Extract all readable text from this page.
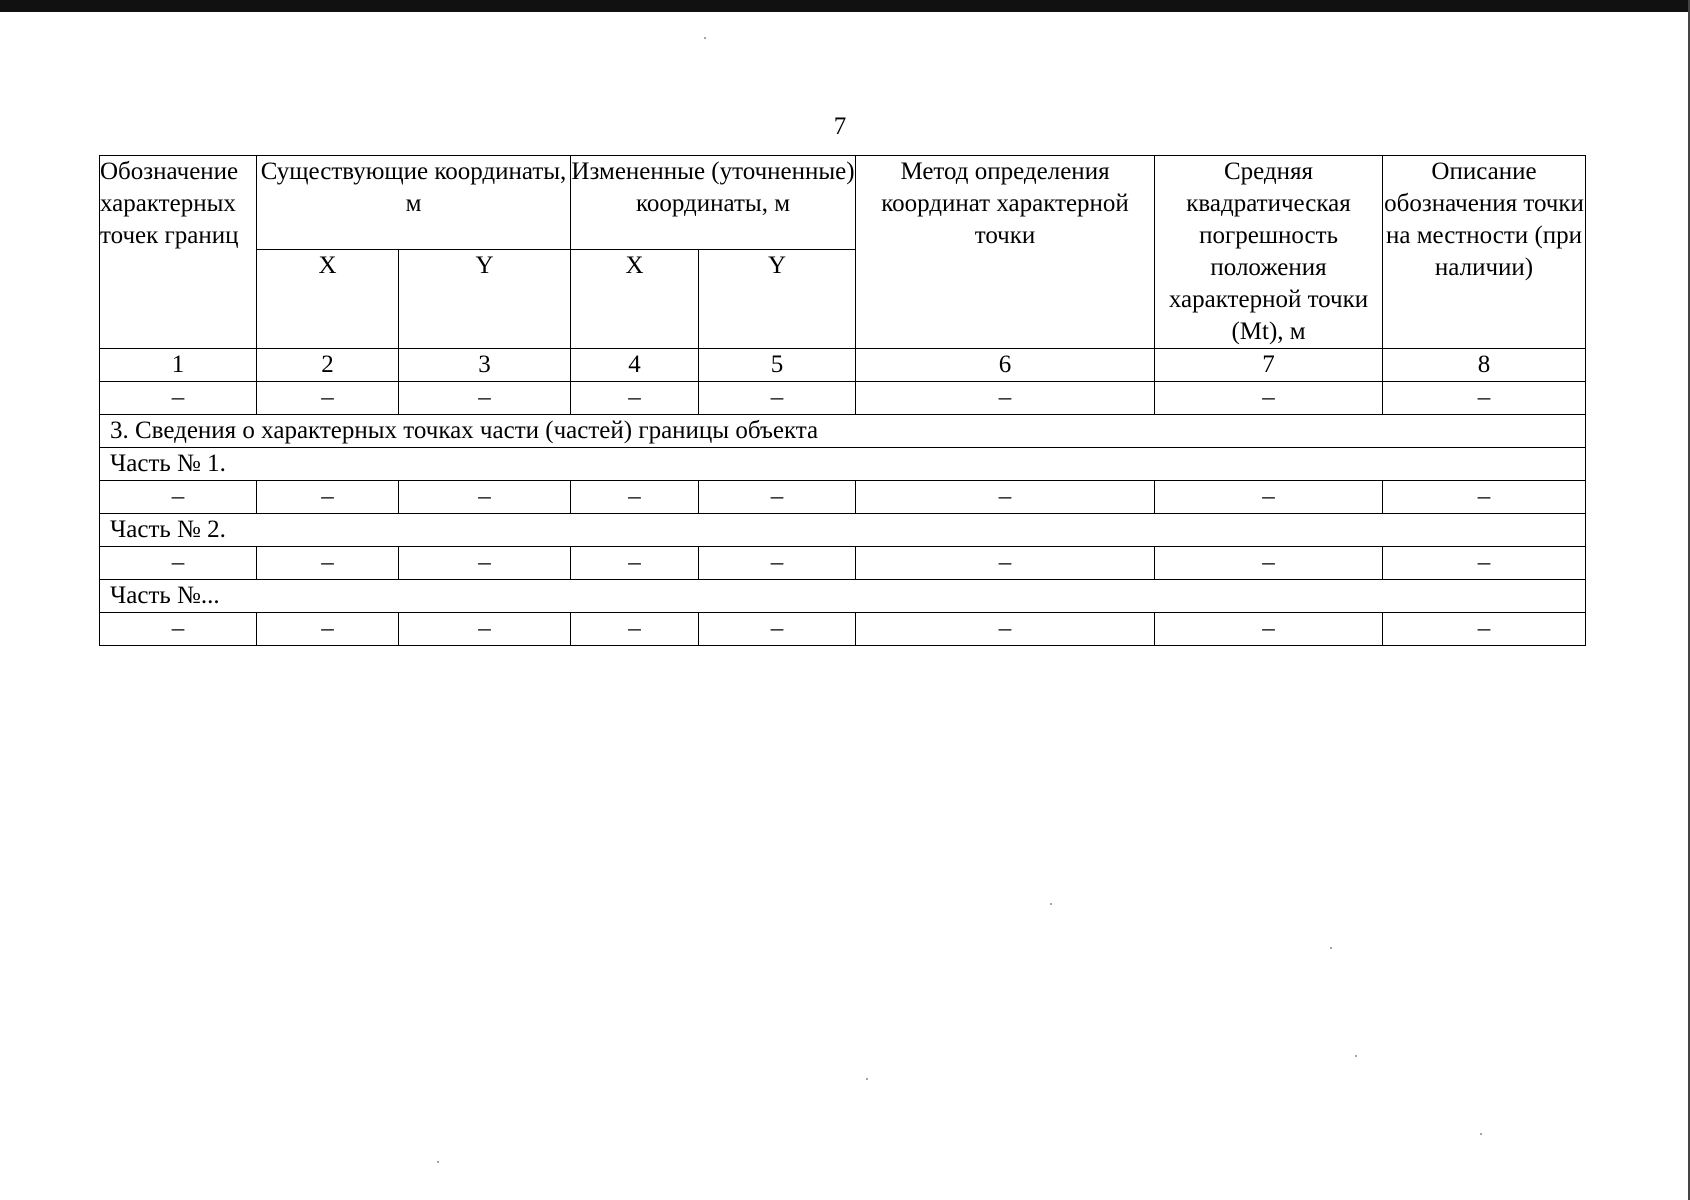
7
Обозначение характерных точек границ	Существующие координаты, м		Измененные (уточненные) координаты, м		Метод определения координат характерной точки	Средняя квадратическая погрешность положения характерной точки (Mt), м	Описание обозначения точки на местности (при наличии)
	X	Y	X	Y			
1	2	3	4	5	6	7	8
–	–	–	–	–	–	–	–
3. Сведения о характерных точках части (частей) границы объекта							
Часть № 1.							
–	–	–	–	–	–	–	–
Часть № 2.							
–	–	–	–	–	–	–	–
Часть №...							
–	–	–	–	–	–	–	–
